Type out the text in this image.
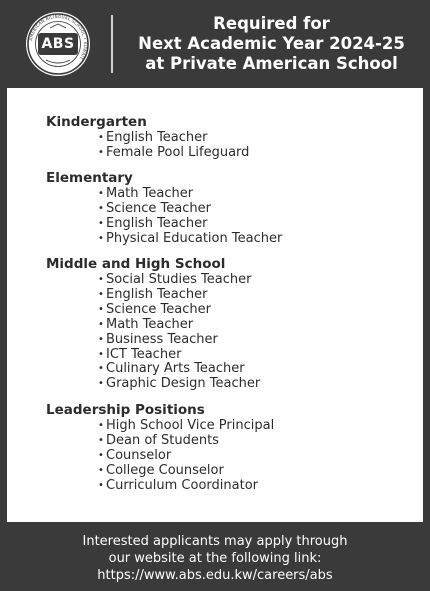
AMERICAN BILINGUAL SCHOOL • KUWAIT
ABS
Required for
Next Academic Year 2024-25
at Private American School
Kindergarten
• English Teacher
• Female Pool Lifeguard
Elementary
• Math Teacher
• Science Teacher
• English Teacher
• Physical Education Teacher
Middle and High School
• Social Studies Teacher
• English Teacher
• Science Teacher
• Math Teacher
• Business Teacher
• ICT Teacher
• Culinary Arts Teacher
• Graphic Design Teacher
Leadership Positions
• High School Vice Principal
• Dean of Students
• Counselor
• College Counselor
• Curriculum Coordinator
Interested applicants may apply through
our website at the following link:
https://www.abs.edu.kw/careers/abs
